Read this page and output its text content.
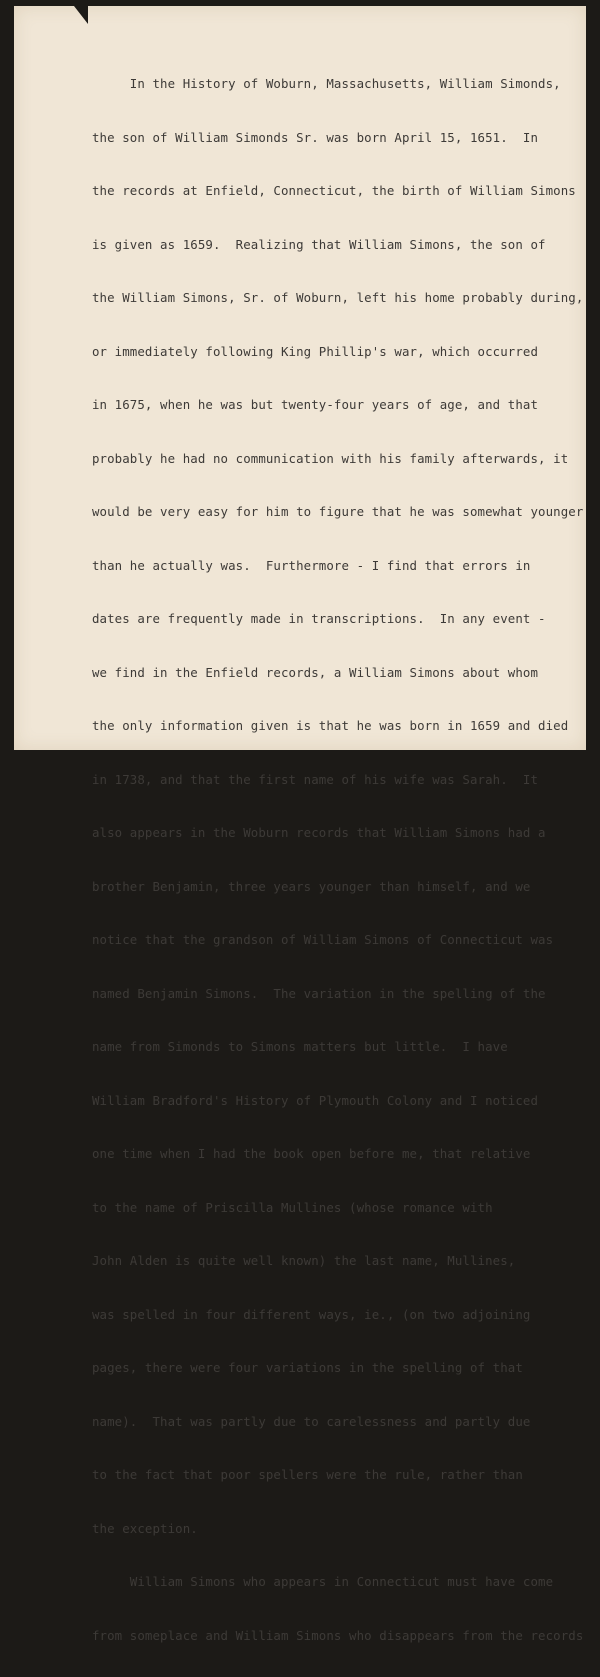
In the History of Woburn, Massachusetts, William Simonds,

the son of William Simonds Sr. was born April 15, 1651.  In

the records at Enfield, Connecticut, the birth of William Simons

is given as 1659.  Realizing that William Simons, the son of

the William Simons, Sr. of Woburn, left his home probably during,

or immediately following King Phillip's war, which occurred

in 1675, when he was but twenty-four years of age, and that

probably he had no communication with his family afterwards, it

would be very easy for him to figure that he was somewhat younger

than he actually was.  Furthermore - I find that errors in

dates are frequently made in transcriptions.  In any event -

we find in the Enfield records, a William Simons about whom

the only information given is that he was born in 1659 and died

in 1738, and that the first name of his wife was Sarah.  It

also appears in the Woburn records that William Simons had a

brother Benjamin, three years younger than himself, and we

notice that the grandson of William Simons of Connecticut was

named Benjamin Simons.  The variation in the spelling of the

name from Simonds to Simons matters but little.  I have

William Bradford's History of Plymouth Colony and I noticed

one time when I had the book open before me, that relative

to the name of Priscilla Mullines (whose romance with

John Alden is quite well known) the last name, Mullines,

was spelled in four different ways, ie., (on two adjoining

pages, there were four variations in the spelling of that

name).  That was partly due to carelessness and partly due

to the fact that poor spellers were the rule, rather than

the exception.

William Simons who appears in Connecticut must have come

from someplace and William Simons who disappears from the records
